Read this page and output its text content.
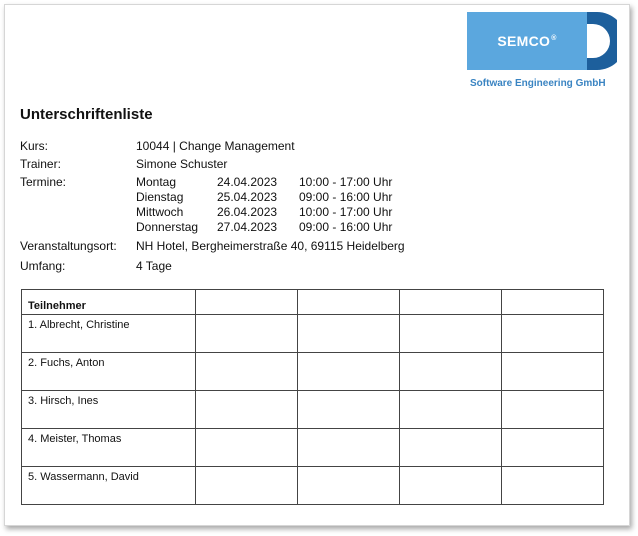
SEMCO®
Software Engineering GmbH
Unterschriftenliste
Kurs:	10044 | Change Management
Trainer:	Simone Schuster
Termine:	Montag	24.04.2023 10:00 - 17:00 Uhr
Dienstag	25.04.2023 09:00 - 16:00 Uhr
Mittwoch	26.04.2023 10:00 - 17:00 Uhr
Donnerstag 27.04.2023 09:00 - 16:00 Uhr
Veranstaltungsort: NH Hotel, Bergheimerstraße 40, 69115 Heidelberg
Umfang:	4 Tage
Teilnehmer				
1. Albrecht, Christine				
2. Fuchs, Anton				
3. Hirsch, Ines				
4. Meister, Thomas				
5. Wassermann, David				
